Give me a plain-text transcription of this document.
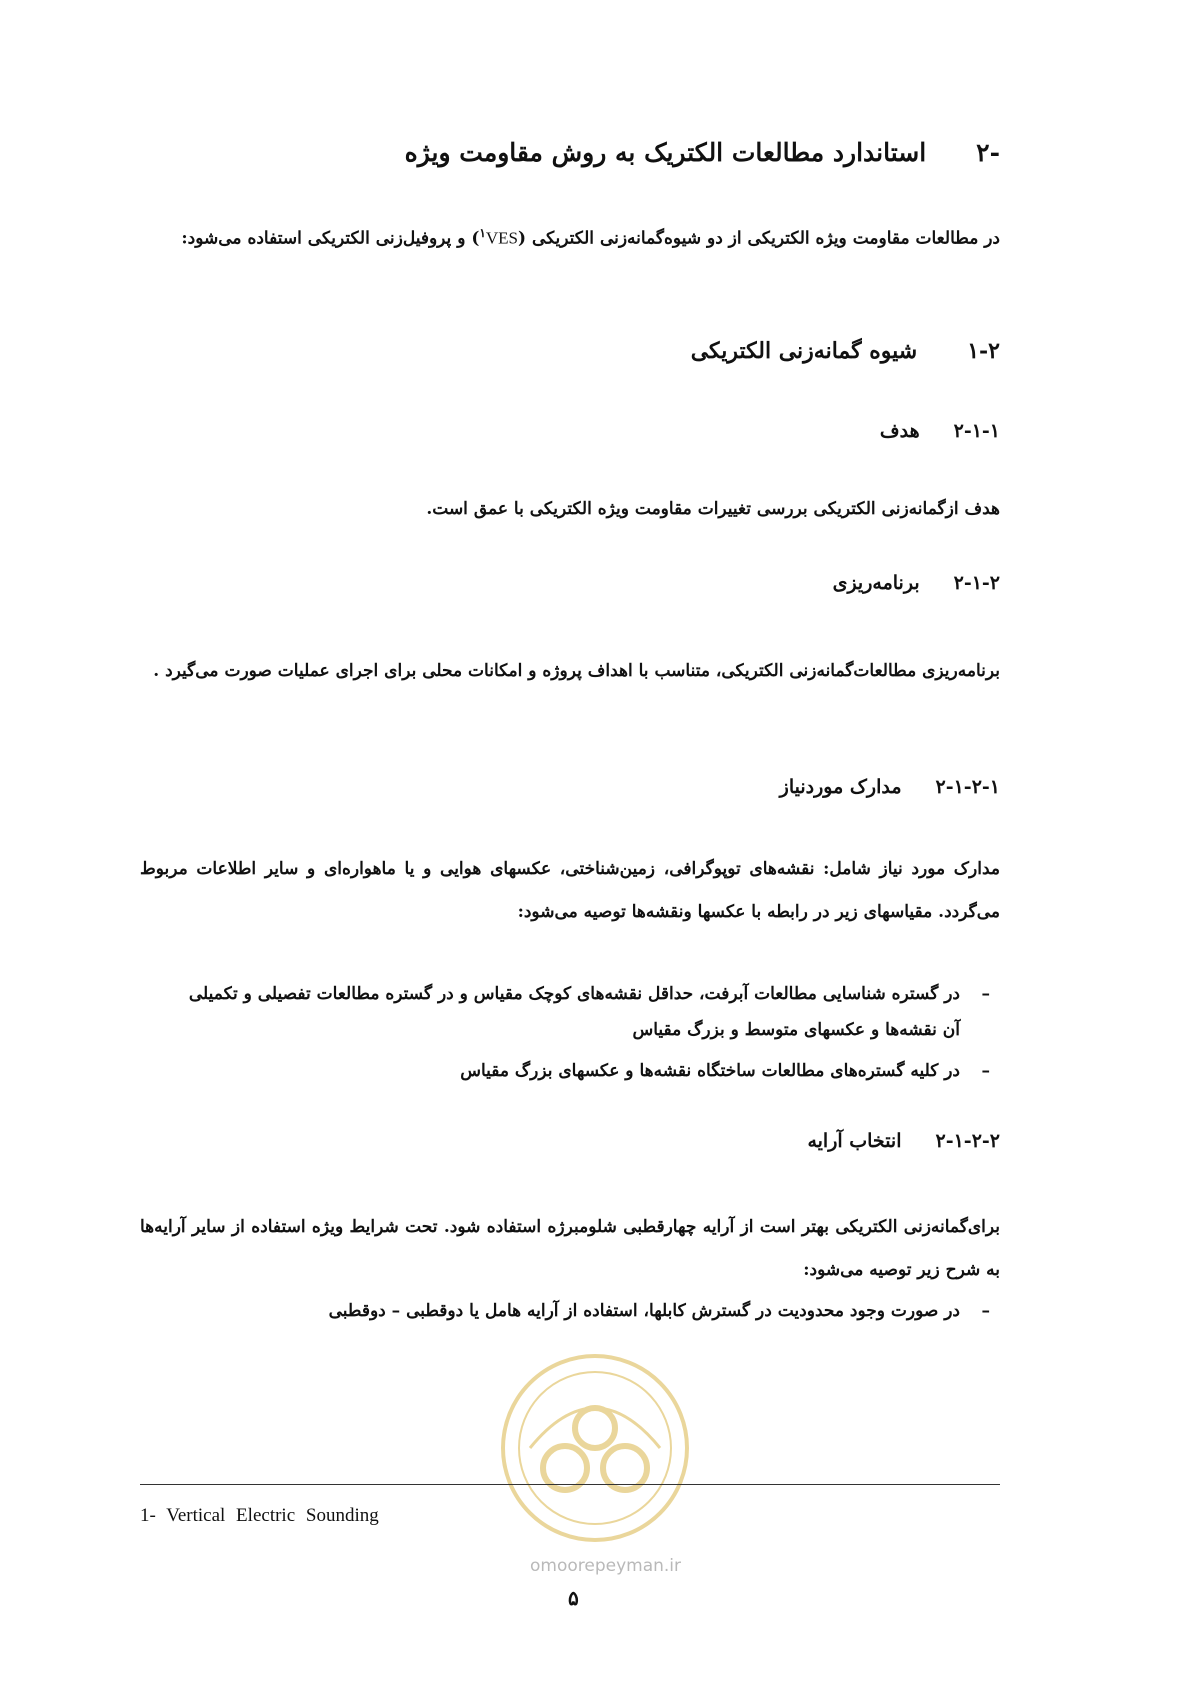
-۲استاندارد مطالعات الکتریک به روش مقاومت ویژه
در مطالعات مقاومت ویژه الکتریکی از دو شیوه‌گمانه‌زنی الکتریکی (VES$^۱$) و پروفیل‌زنی الکتریکی استفاده می‌شود:
۱-۲شیوه گمانه‌زنی الکتریکی
۲-۱-۱هدف
هدف ازگمانه‌زنی الکتریکی بررسی تغییرات مقاومت ویژه الکتریکی با عمق است.
۲-۱-۲برنامه‌ریزی
برنامه‌ریزی مطالعات‌گمانه‌زنی الکتریکی، متناسب با اهداف پروژه و امکانات محلی برای اجرای عملیات صورت می‌گیرد .
۲-۱-۲-۱مدارک موردنیاز
مدارک مورد نیاز شامل: نقشه‌های توپوگرافی، زمین‌شناختی، عکسهای هوایی و یا ماهواره‌ای و سایر اطلاعات مربوط می‌گردد. مقیاسهای زیر در رابطه با عکسها ونقشه‌ها توصیه می‌شود:
–
در گستره شناسایی مطالعات آبرفت، حداقل نقشه‌های کوچک مقیاس و در گستره مطالعات تفصیلی و تکمیلی آن نقشه‌ها و عکسهای متوسط و بزرگ مقیاس
–
در کلیه گستره‌های مطالعات ساختگاه نقشه‌ها و عکسهای بزرگ مقیاس
۲-۱-۲-۲انتخاب آرایه
برای‌گمانه‌زنی الکتریکی بهتر است از آرایه چهارقطبی شلومبرژه استفاده شود. تحت شرایط ویژه استفاده از سایر آرایه‌ها به شرح زیر توصیه می‌شود:
–
در صورت وجود محدودیت در گسترش کابلها، استفاده از آرایه هامل یا دوقطبی – دوقطبی
omoorepeyman.ir
1- Vertical Electric Sounding
۵
